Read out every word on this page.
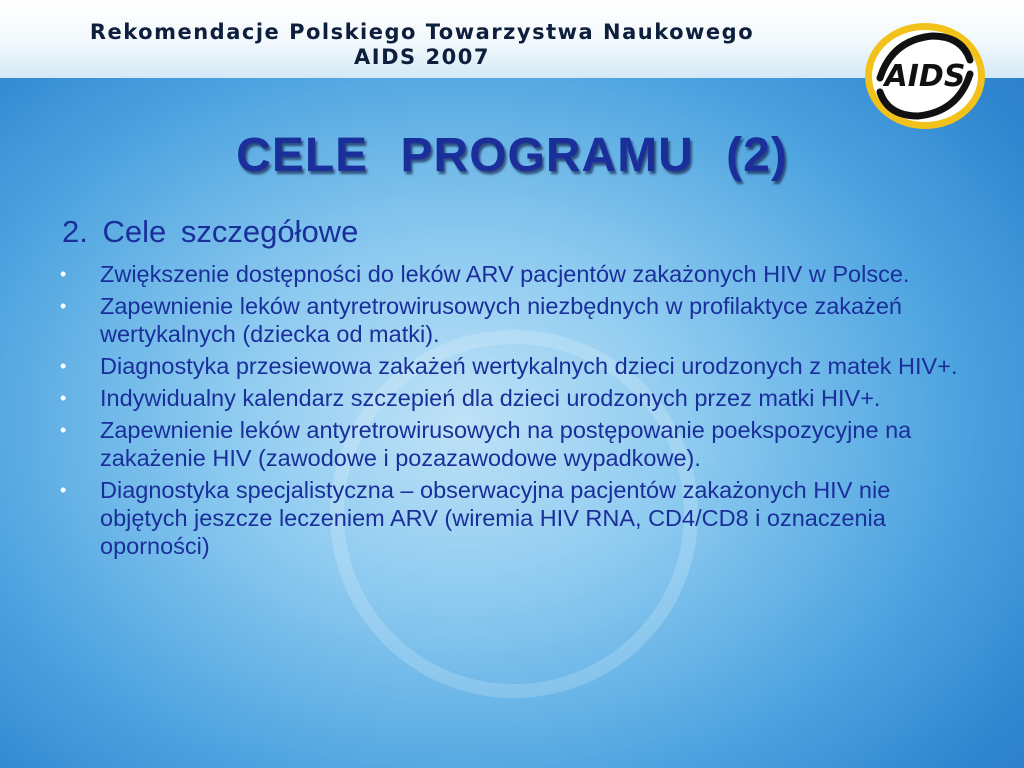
Rekomendacje Polskiego Towarzystwa Naukowego
AIDS 2007
AIDS
CELE PROGRAMU (2)
2. Cele szczegółowe
•	Zwiększenie dostępności do leków ARV pacjentów zakażonych HIV w Polsce.
•	Zapewnienie leków antyretrowirusowych niezbędnych w profilaktyce zakażeń wertykalnych (dziecka od matki).
•	Diagnostyka przesiewowa zakażeń wertykalnych dzieci urodzonych z matek HIV+.
•	Indywidualny kalendarz szczepień dla dzieci urodzonych przez matki HIV+.
•	Zapewnienie leków antyretrowirusowych na postępowanie poekspozycyjne na zakażenie HIV (zawodowe i pozazawodowe wypadkowe).
•	Diagnostyka specjalistyczna – obserwacyjna pacjentów zakażonych HIV nie objętych jeszcze leczeniem ARV (wiremia HIV RNA, CD4/CD8 i oznaczenia oporności)
